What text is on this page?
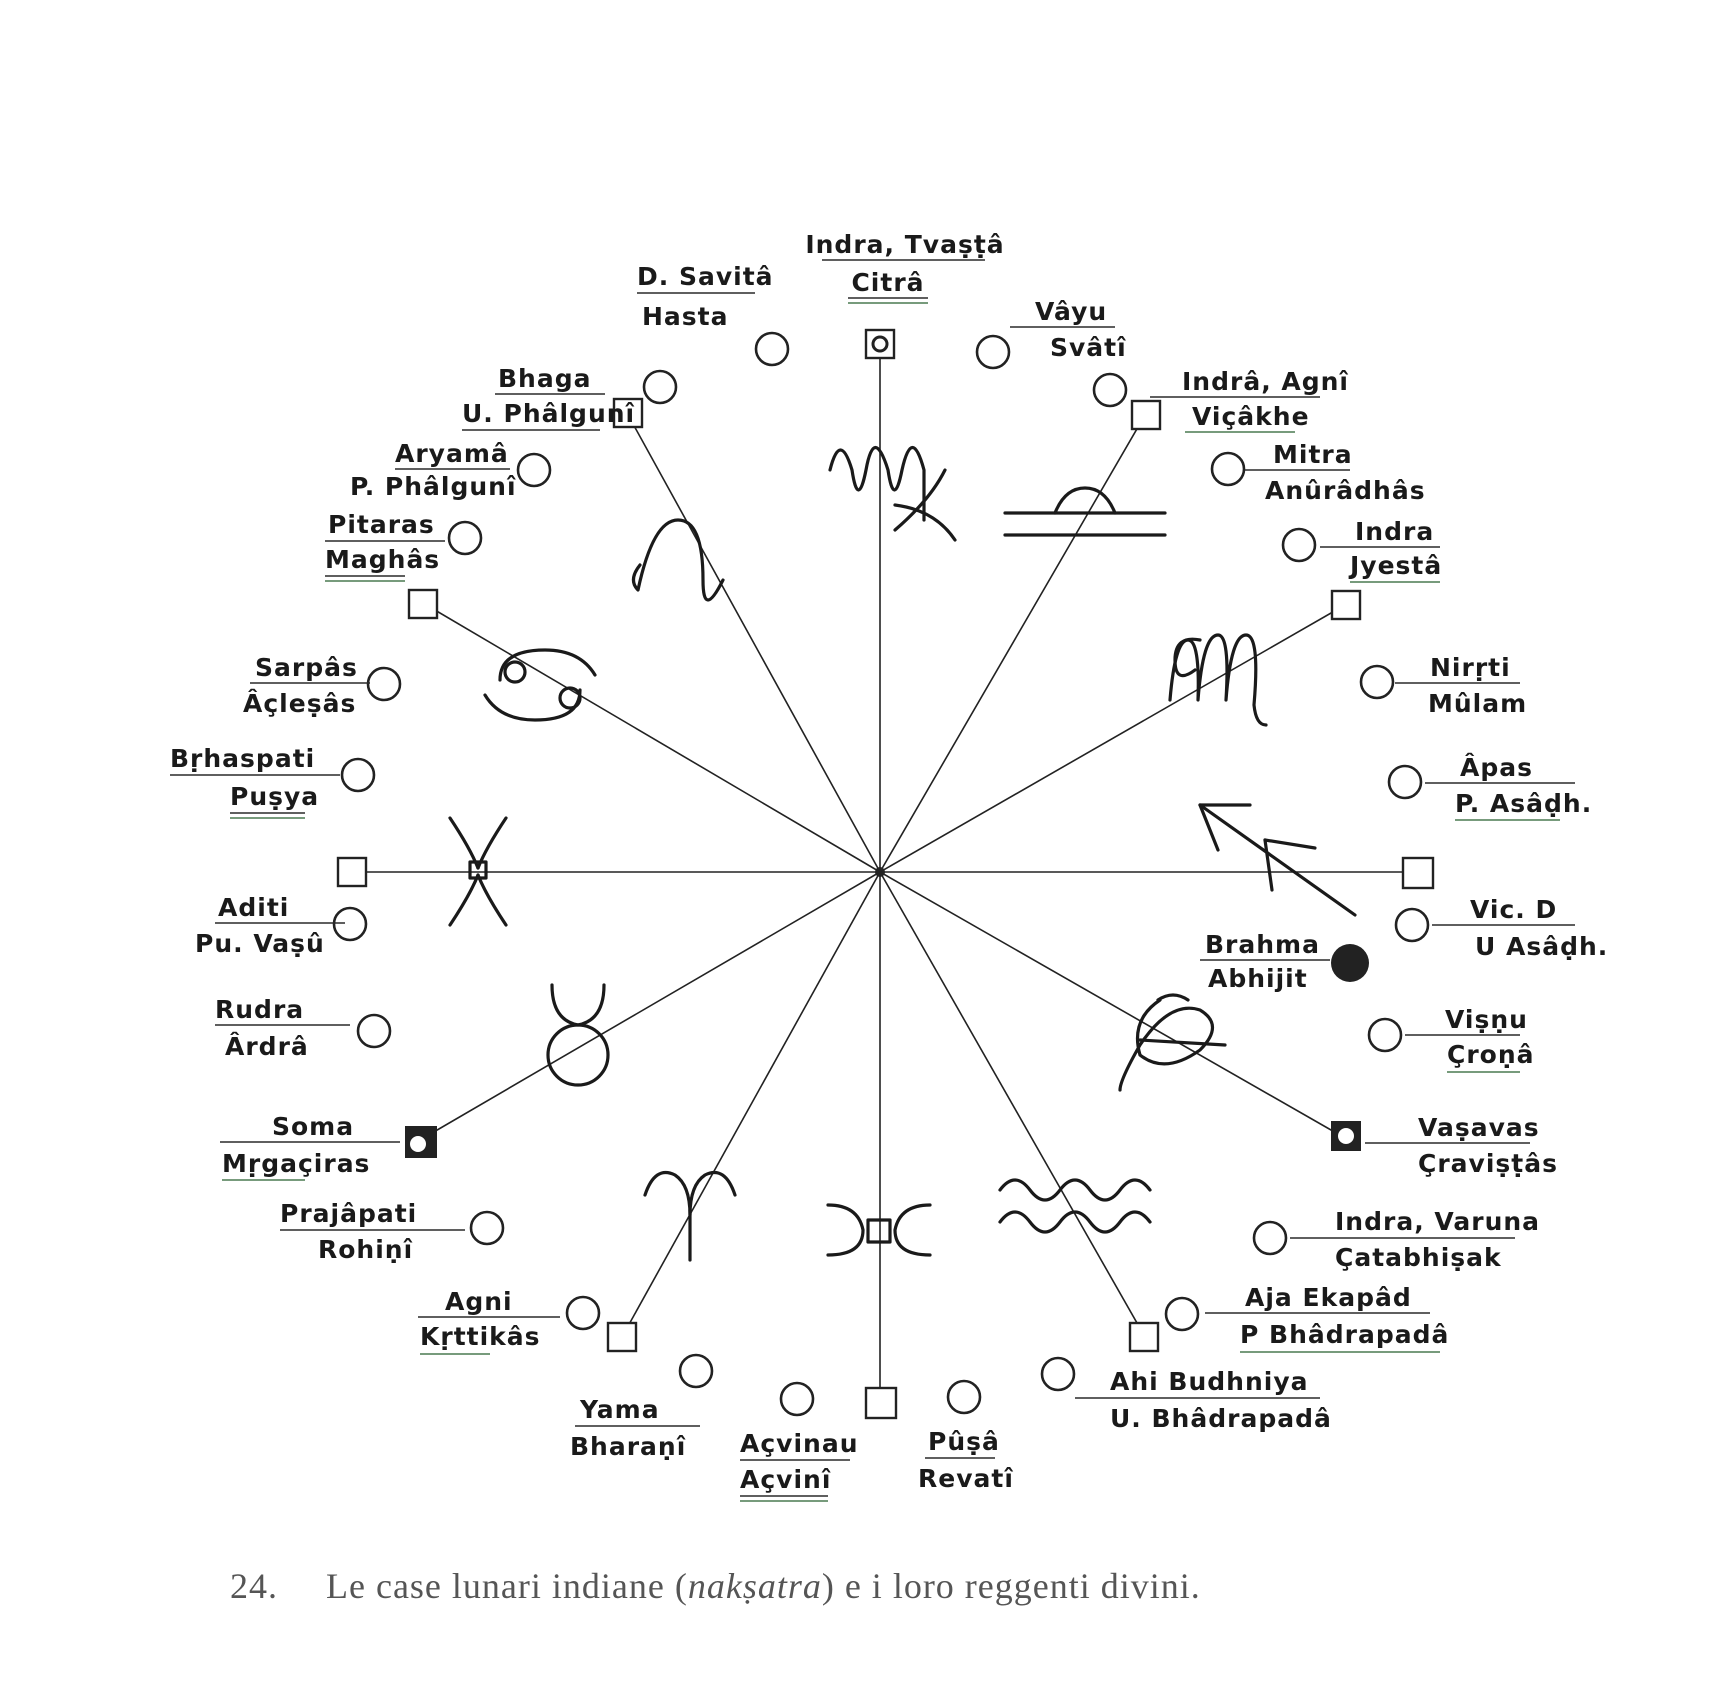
Indra, Tvaṣṭâ
Citrâ
Vâyu
Svâtî
Indrâ, Agnî
Viçâkhe
Mitra
Anûrâdhâs
Indra
Jyestâ
Nirṛti
Mûlam
Âpas
P. Asâḍh.
Vic. D
U Asâḍh.
Brahma
Abhijit
Viṣṇu
Çroṇâ
Vaṣavas
Çraviṣṭâs
Indra, Varuna
Çatabhiṣak
Aja Ekapâd
P Bhâdrapadâ
Ahi Budhniya
U. Bhâdrapadâ
Pûṣâ
Revatî
Açvinau
Açvinî
Yama
Bharaṇî
Agni
Kṛttikâs
Prajâpati
Rohiṇî
Soma
Mṛgaçiras
Rudra
Ârdrâ
Aditi
Pu. Vaṣû
Bṛhaspati
Puṣya
Sarpâs
Âçleṣâs
Pitaras
Maghâs
Aryamâ
P. Phâlgunî
Bhaga
U. Phâlgunî
D. Savitâ
Hasta
24. Le case lunari indiane (nakṣatra) e i loro reggenti divini.
